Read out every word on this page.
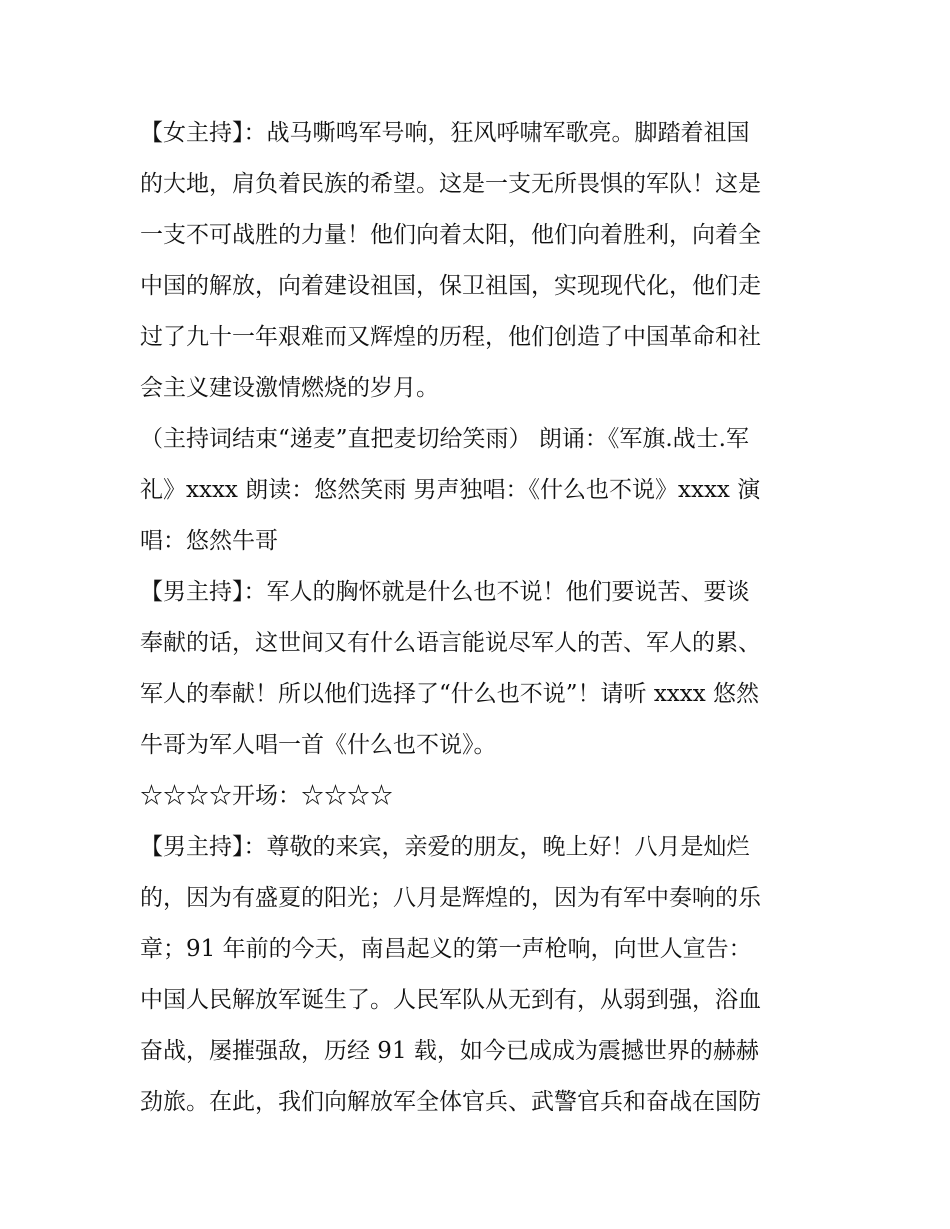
【女主持】：战马嘶鸣军号响，狂风呼啸军歌亮。脚踏着祖国
的大地，肩负着民族的希望。这是一支无所畏惧的军队！这是
一支不可战胜的力量！他们向着太阳，他们向着胜利，向着全
中国的解放，向着建设祖国，保卫祖国，实现现代化，他们走
过了九十一年艰难而又辉煌的历程，他们创造了中国革命和社
会主义建设激情燃烧的岁月。
（主持词结束“递麦”直把麦切给笑雨） 朗诵：《军旗.战士.军
礼》xxxx 朗读：悠然笑雨 男声独唱：《什么也不说》xxxx 演
唱：悠然牛哥
【男主持】：军人的胸怀就是什么也不说！他们要说苦、要谈
奉献的话，这世间又有什么语言能说尽军人的苦、军人的累、
军人的奉献！所以他们选择了“什么也不说”！请听 xxxx 悠然
牛哥为军人唱一首《什么也不说》。
☆☆☆☆开场：☆☆☆☆
【男主持】：尊敬的来宾，亲爱的朋友，晚上好！八月是灿烂
的，因为有盛夏的阳光；八月是辉煌的，因为有军中奏响的乐
章；91 年前的今天，南昌起义的第一声枪响，向世人宣告：
中国人民解放军诞生了。人民军队从无到有，从弱到强，浴血
奋战，屡摧强敌，历经 91 载，如今已成成为震撼世界的赫赫
劲旅。在此，我们向解放军全体官兵、武警官兵和奋战在国防
